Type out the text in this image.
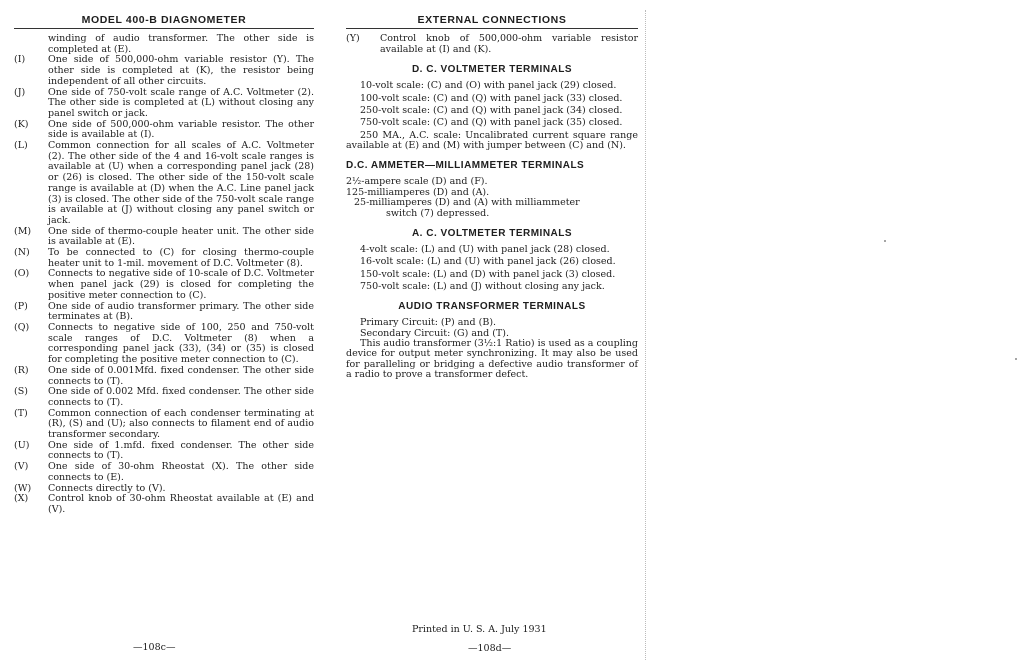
MODEL 400-B DIAGNOMETER
winding of audio transformer. The other side is completed at (E).
(I) One side of 500,000-ohm variable resistor (Y). The other side is completed at (K), the resistor being independent of all other circuits.
(J) One side of 750-volt scale range of A.C. Voltmeter (2). The other side is completed at (L) without closing any panel switch or jack.
(K) One side of 500,000-ohm variable resistor. The other side is available at (I).
(L) Common connection for all scales of A.C. Voltmeter (2). The other side of the 4 and 16-volt scale ranges is available at (U) when a corresponding panel jack (28) or (26) is closed. The other side of the 150-volt scale range is available at (D) when the A.C. Line panel jack (3) is closed. The other side of the 750-volt scale range is available at (J) without closing any panel switch or jack.
(M) One side of thermo-couple heater unit. The other side is available at (E).
(N) To be connected to (C) for closing thermo-couple heater unit to 1-mil. movement of D.C. Voltmeter (8).
(O) Connects to negative side of 10-scale of D.C. Voltmeter when panel jack (29) is closed for completing the positive meter connection to (C).
(P) One side of audio transformer primary. The other side terminates at (B).
(Q) Connects to negative side of 100, 250 and 750-volt scale ranges of D.C. Voltmeter (8) when a corresponding panel jack (33), (34) or (35) is closed for completing the positive meter connection to (C).
(R) One side of 0.001Mfd. fixed condenser. The other side connects to (T).
(S) One side of 0.002 Mfd. fixed condenser. The other side connects to (T).
(T) Common connection of each condenser terminating at (R), (S) and (U); also connects to filament end of audio transformer secondary.
(U) One side of 1.mfd. fixed condenser. The other side connects to (T).
(V) One side of 30-ohm Rheostat (X). The other side connects to (E).
(W) Connects directly to (V).
(X) Control knob of 30-ohm Rheostat available at (E) and (V).
EXTERNAL CONNECTIONS
(Y) Control knob of 500,000-ohm variable resistor available at (I) and (K).
D. C. VOLTMETER TERMINALS
10-volt scale: (C) and (O) with panel jack (29) closed.
100-volt scale: (C) and (Q) with panel jack (33) closed.
250-volt scale: (C) and (Q) with panel jack (34) closed.
750-volt scale: (C) and (Q) with panel jack (35) closed.
250 MA., A.C. scale: Uncalibrated current square range available at (E) and (M) with jumper between (C) and (N).
D.C. AMMETER—MILLIAMMETER TERMINALS
2½-ampere scale (D) and (F).
125-milliamperes (D) and (A).
25-milliamperes (D) and (A) with milliammeter
switch (7) depressed.
A. C. VOLTMETER TERMINALS
4-volt scale: (L) and (U) with panel jack (28) closed.
16-volt scale: (L) and (U) with panel jack (26) closed.
150-volt scale: (L) and (D) with panel jack (3) closed.
750-volt scale: (L) and (J) without closing any jack.
AUDIO TRANSFORMER TERMINALS
Primary Circuit: (P) and (B).
Secondary Circuit: (G) and (T).
This audio transformer (3½:1 Ratio) is used as a coupling device for output meter synchronizing. It may also be used for paralleling or bridging a defective audio transformer of a radio to prove a transformer defect.
—108c—
Printed in U. S. A. July 1931
—108d—
